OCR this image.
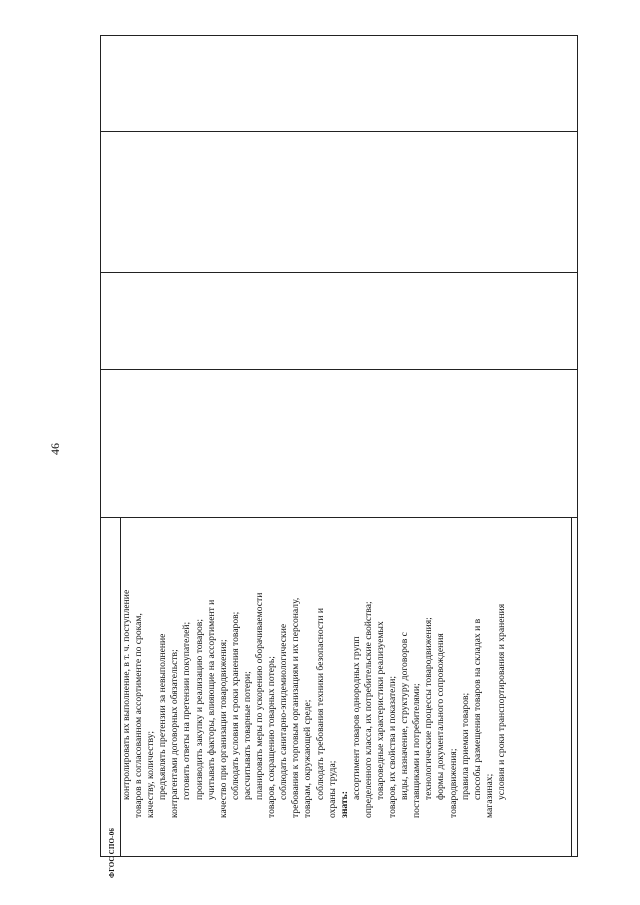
46
ФГОС СПО-06
контролировать их выполнение, в т. ч. поступление товаров в согласованном ассортименте по срокам, качеству, количеству; предъявлять претензии за невыполнение контрагентами договорных обязательств; готовить ответы на претензии покупателей; производить закупку и реализацию товаров; учитывать факторы, влияющие на ассортимент и качество при организации товародвижения; соблюдать условия и сроки хранения товаров; рассчитывать товарные потери; планировать меры по ускорению оборачиваемости товаров, сокращению товарных потерь; соблюдать санитарно-эпидемиологические требования к торговым организациям и их персоналу, товарам, окружающей среде; соблюдать требования техники безопасности и охраны труда; знать:
ассортимент товаров однородных групп определенного класса, их потребительские свойства; товароведные характеристики реализуемых товаров, их свойства и показатели; виды, назначение, структуру договоров с поставщиками и потребителями; технологические процессы товародвижения; формы документального сопровождения товародвижения; правила приемки товаров; способы размещения товаров на складах и в магазинах; условия и сроки транспортирования и хранения
